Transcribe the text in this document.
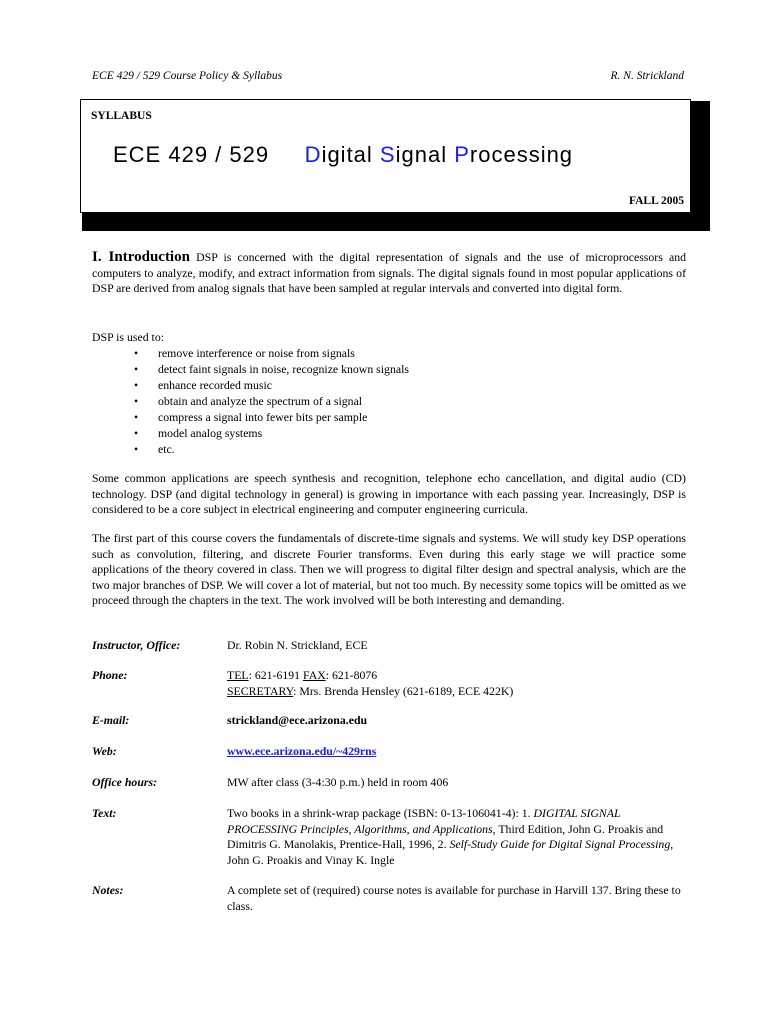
ECE 429 / 529 Course Policy & Syllabus	R. N. Strickland
SYLLABUS
ECE 429 / 529 Digital Signal Processing
FALL 2005
I. Introduction DSP is concerned with the digital representation of signals and the use of microprocessors and computers to analyze, modify, and extract information from signals. The digital signals found in most popular applications of DSP are derived from analog signals that have been sampled at regular intervals and converted into digital form.
DSP is used to:
• remove interference or noise from signals
• detect faint signals in noise, recognize known signals
• enhance recorded music
• obtain and analyze the spectrum of a signal
• compress a signal into fewer bits per sample
• model analog systems
• etc.
Some common applications are speech synthesis and recognition, telephone echo cancellation, and digital audio (CD) technology. DSP (and digital technology in general) is growing in importance with each passing year. Increasingly, DSP is considered to be a core subject in electrical engineering and computer engineering curricula.
The first part of this course covers the fundamentals of discrete-time signals and systems. We will study key DSP operations such as convolution, filtering, and discrete Fourier transforms. Even during this early stage we will practice some applications of the theory covered in class. Then we will progress to digital filter design and spectral analysis, which are the two major branches of DSP. We will cover a lot of material, but not too much. By necessity some topics will be omitted as we proceed through the chapters in the text. The work involved will be both interesting and demanding.
Instructor, Office:	Dr. Robin N. Strickland, ECE
Phone:	TEL: 621-6191 FAX: 621-8076
SECRETARY: Mrs. Brenda Hensley (621-6189, ECE 422K)
E-mail:	strickland@ece.arizona.edu
Web:	www.ece.arizona.edu/~429rns
Office hours:	MW after class (3-4:30 p.m.) held in room 406
Text:	Two books in a shrink-wrap package (ISBN: 0-13-106041-4): 1. DIGITAL SIGNAL PROCESSING Principles, Algorithms, and Applications, Third Edition, John G. Proakis and Dimitris G. Manolakis, Prentice-Hall, 1996, 2. Self-Study Guide for Digital Signal Processing, John G. Proakis and Vinay K. Ingle
Notes:	A complete set of (required) course notes is available for purchase in Harvill 137. Bring these to class.
